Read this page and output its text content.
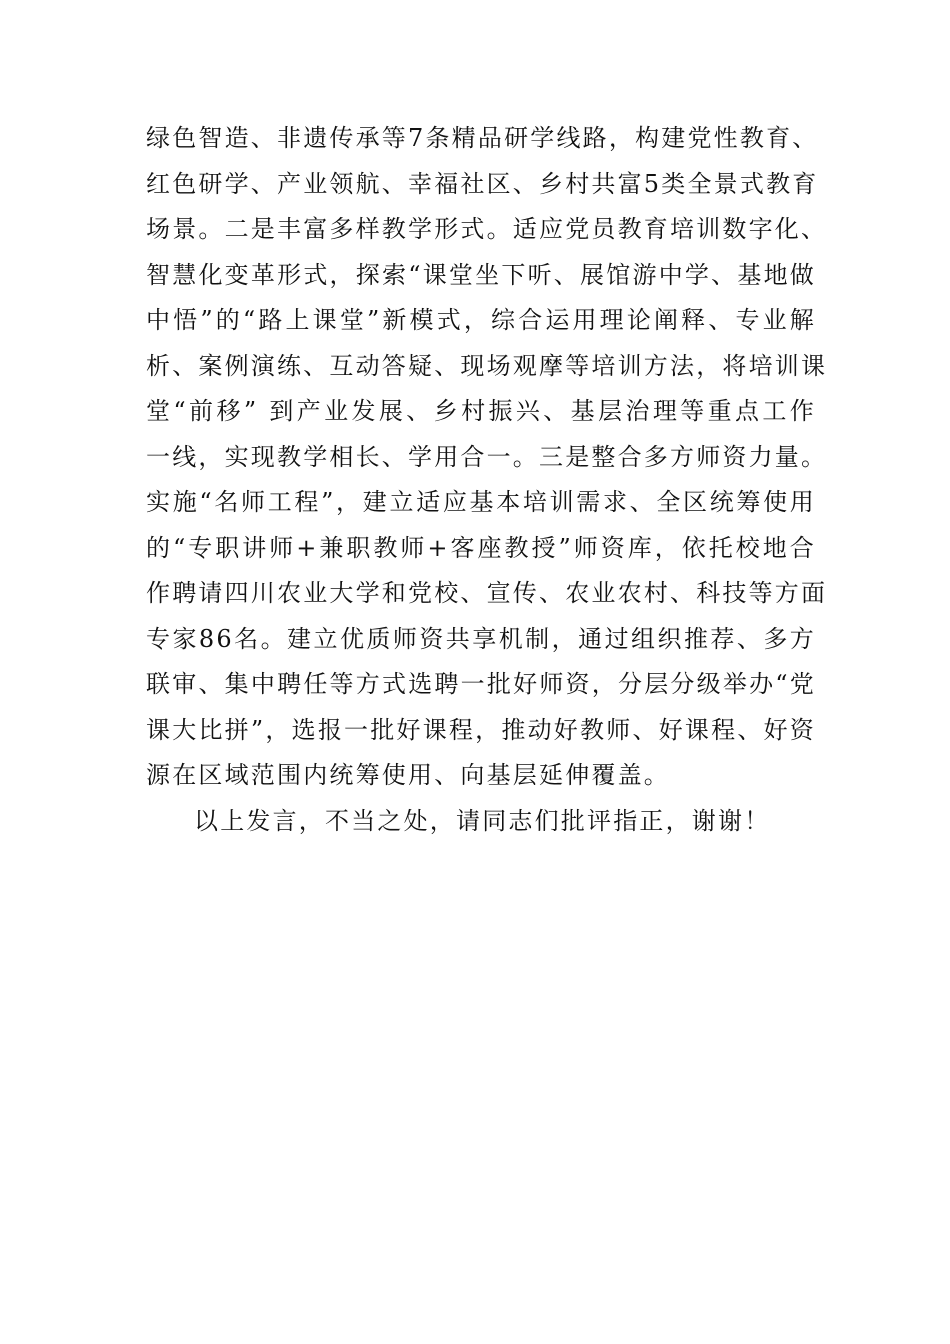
绿色智造、非遗传承等7条精品研学线路，构建党性教育、
红色研学、产业领航、幸福社区、乡村共富5类全景式教育
场景。二是丰富多样教学形式。适应党员教育培训数字化、
智慧化变革形式，探索“课堂坐下听、展馆游中学、基地做
中悟”的“路上课堂”新模式，综合运用理论阐释、专业解
析、案例演练、互动答疑、现场观摩等培训方法，将培训课
堂“前移” 到产业发展、乡村振兴、基层治理等重点工作
一线，实现教学相长、学用合一。三是整合多方师资力量。
实施“名师工程”，建立适应基本培训需求、全区统筹使用
的“专职讲师+兼职教师+客座教授”师资库，依托校地合
作聘请四川农业大学和党校、宣传、农业农村、科技等方面
专家86名。建立优质师资共享机制，通过组织推荐、多方
联审、集中聘任等方式选聘一批好师资，分层分级举办“党
课大比拼”，选报一批好课程，推动好教师、好课程、好资
源在区域范围内统筹使用、向基层延伸覆盖。
以上发言，不当之处，请同志们批评指正，谢谢！
